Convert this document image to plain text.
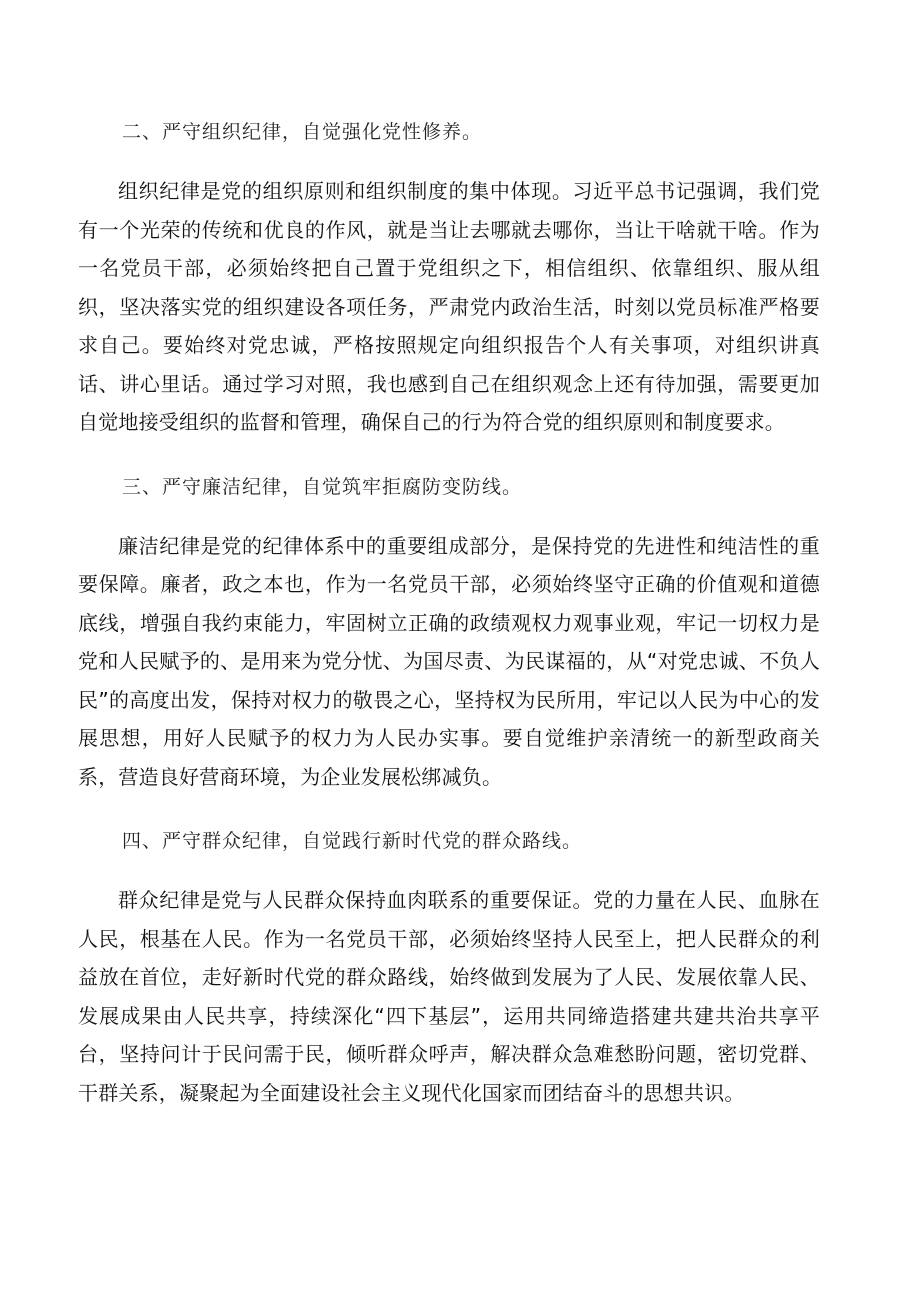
二、严守组织纪律，自觉强化党性修养。

组织纪律是党的组织原则和组织制度的集中体现。习近平总书记强调，我们党有一个光荣的传统和优良的作风，就是当让去哪就去哪你，当让干啥就干啥。作为一名党员干部，必须始终把自己置于党组织之下，相信组织、依靠组织、服从组织，坚决落实党的组织建设各项任务，严肃党内政治生活，时刻以党员标准严格要求自己。要始终对党忠诚，严格按照规定向组织报告个人有关事项，对组织讲真话、讲心里话。通过学习对照，我也感到自己在组织观念上还有待加强，需要更加自觉地接受组织的监督和管理，确保自己的行为符合党的组织原则和制度要求。

三、严守廉洁纪律，自觉筑牢拒腐防变防线。

廉洁纪律是党的纪律体系中的重要组成部分，是保持党的先进性和纯洁性的重要保障。廉者，政之本也，作为一名党员干部，必须始终坚守正确的价值观和道德底线，增强自我约束能力，牢固树立正确的政绩观权力观事业观，牢记一切权力是党和人民赋予的、是用来为党分忧、为国尽责、为民谋福的，从“对党忠诚、不负人民”的高度出发，保持对权力的敬畏之心，坚持权为民所用，牢记以人民为中心的发展思想，用好人民赋予的权力为人民办实事。要自觉维护亲清统一的新型政商关系，营造良好营商环境，为企业发展松绑减负。

四、严守群众纪律，自觉践行新时代党的群众路线。

群众纪律是党与人民群众保持血肉联系的重要保证。党的力量在人民、血脉在人民，根基在人民。作为一名党员干部，必须始终坚持人民至上，把人民群众的利益放在首位，走好新时代党的群众路线，始终做到发展为了人民、发展依靠人民、发展成果由人民共享，持续深化“四下基层”，运用共同缔造搭建共建共治共享平台，坚持问计于民问需于民，倾听群众呼声，解决群众急难愁盼问题，密切党群、干群关系，凝聚起为全面建设社会主义现代化国家而团结奋斗的思想共识。
